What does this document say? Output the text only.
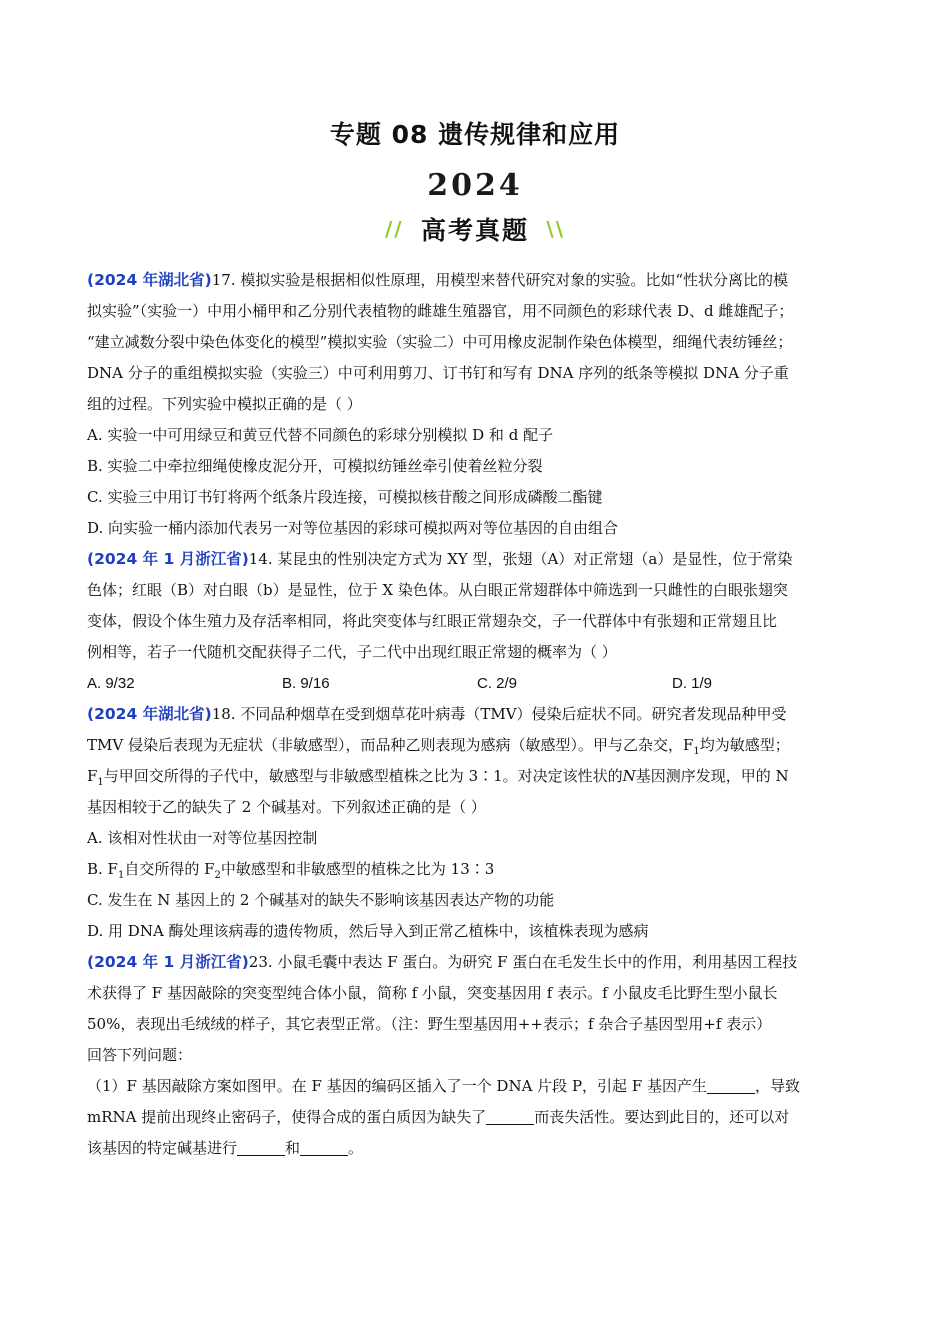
专题 08 遗传规律和应用
2024
// 高考真题 \\
(2024 年湖北省)17. 模拟实验是根据相似性原理，用模型来替代研究对象的实验。比如“性状分离比的模
拟实验”（实验一）中用小桶甲和乙分别代表植物的雌雄生殖器官，用不同颜色的彩球代表 D、d 雌雄配子；
“建立减数分裂中染色体变化的模型”模拟实验（实验二）中可用橡皮泥制作染色体模型，细绳代表纺锤丝；
DNA 分子的重组模拟实验（实验三）中可利用剪刀、订书钉和写有 DNA 序列的纸条等模拟 DNA 分子重
组的过程。下列实验中模拟正确的是（ ）
A. 实验一中可用绿豆和黄豆代替不同颜色的彩球分别模拟 D 和 d 配子
B. 实验二中牵拉细绳使橡皮泥分开，可模拟纺锤丝牵引使着丝粒分裂
C. 实验三中用订书钉将两个纸条片段连接，可模拟核苷酸之间形成磷酸二酯键
D. 向实验一桶内添加代表另一对等位基因的彩球可模拟两对等位基因的自由组合
(2024 年 1 月浙江省)14. 某昆虫的性别决定方式为 XY 型，张翅（A）对正常翅（a）是显性，位于常染
色体；红眼（B）对白眼（b）是显性，位于 X 染色体。从白眼正常翅群体中筛选到一只雌性的白眼张翅突
变体，假设个体生殖力及存活率相同，将此突变体与红眼正常翅杂交，子一代群体中有张翅和正常翅且比
例相等，若子一代随机交配获得子二代，子二代中出现红眼正常翅的概率为（ ）
A. 9/32	B. 9/16	C. 2/9	D. 1/9
(2024 年湖北省)18. 不同品种烟草在受到烟草花叶病毒（TMV）侵染后症状不同。研究者发现品种甲受
TMV 侵染后表现为无症状（非敏感型），而品种乙则表现为感病（敏感型）。甲与乙杂交，$F_1$均为敏感型；
$F_1$与甲回交所得的子代中，敏感型与非敏感型植株之比为 3∶1。对决定该性状的N基因测序发现，甲的 N
基因相较于乙的缺失了 2 个碱基对。下列叙述正确的是（ ）
A. 该相对性状由一对等位基因控制
B. $F_1$自交所得的 $F_2$中敏感型和非敏感型的植株之比为 13∶3
C. 发生在 N 基因上的 2 个碱基对的缺失不影响该基因表达产物的功能
D. 用 DNA 酶处理该病毒的遗传物质，然后导入到正常乙植株中，该植株表现为感病
(2024 年 1 月浙江省)23. 小鼠毛囊中表达 F 蛋白。为研究 F 蛋白在毛发生长中的作用，利用基因工程技
术获得了 F 基因敲除的突变型纯合体小鼠，简称 f 小鼠，突变基因用 f 表示。f 小鼠皮毛比野生型小鼠长
50%，表现出毛绒绒的样子，其它表型正常。（注：野生型基因用++表示；f 杂合子基因型用+f 表示）
回答下列问题：
（1）F 基因敲除方案如图甲。在 F 基因的编码区插入了一个 DNA 片段 P，引起 F 基因产生	，导致
mRNA 提前出现终止密码子，使得合成的蛋白质因为缺失了	而丧失活性。要达到此目的，还可以对
该基因的特定碱基进行	和	。
